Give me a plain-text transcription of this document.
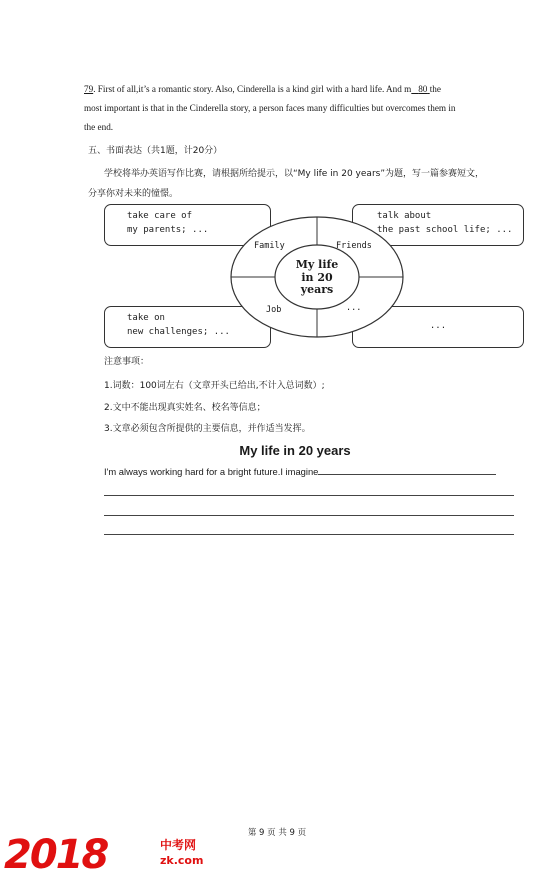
79. First of all,it’s a romantic story. Also, Cinderella is a kind girl with a hard life. And m 80 the
most important is that in the Cinderella story, a person faces many difficulties but overcomes them in
the end.
五、书面表达（共1题，计20分）
学校将举办英语写作比赛，请根据所给提示，以“My life in 20 years”为题，写一篇参赛短文，
分享你对未来的憧憬。
take care of
my parents; ...
talk about
the past school life; ...
take on
new challenges; ...
...
My life
in 20
years
Family	Friends
Job	...
注意事项：
1.词数：100词左右（文章开头已给出,不计入总词数）;
2.文中不能出现真实姓名、校名等信息；
3.文章必须包含所提供的主要信息，并作适当发挥。
My life in 20 years
I'm always working hard for a bright future.I imagine
第 9 页 共 9 页
2018	中考网
zk.com
